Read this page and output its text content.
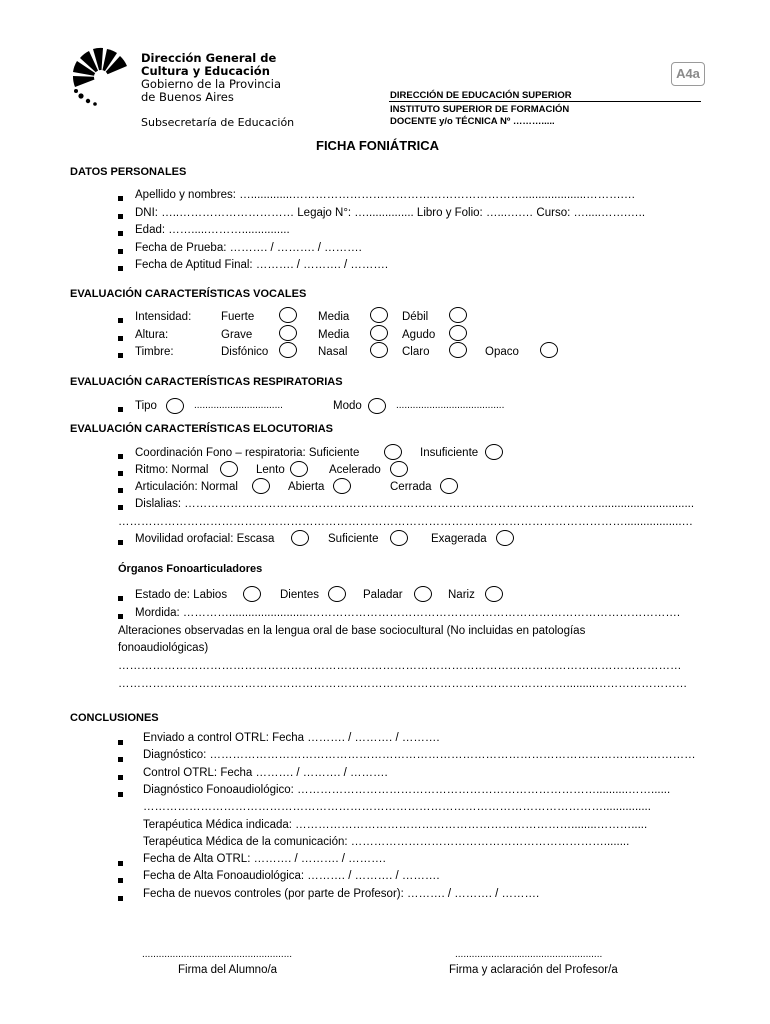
Dirección General de
Cultura y Educación
Gobierno de la Provincia
de Buenos Aires
Subsecretaría de Educación
A4a
DIRECCIÓN DE EDUCACIÓN SUPERIOR
INSTITUTO SUPERIOR DE FORMACIÓN
DOCENTE y/o TÉCNICA Nº ……….....
FICHA FONIÁTRICA
DATOS PERSONALES
Apellido y nombres: ….............……………………………………………………....................……….…
DNI: …..………………………… Legajo N°: …............... Libro y Folio: …...….… Curso: ….....…….…..
Edad: …….....………...............
Fecha de Prueba: ………. / ………. / ……….
Fecha de Aptitud Final: ………. / ………. / ……….
EVALUACIÓN CARACTERÍSTICAS VOCALES
Intensidad:	Fuerte	Media	Débil
Altura:	Grave	Media	Agudo
Timbre:	Disfónico	Nasal	Claro	Opaco
EVALUACIÓN CARACTERÍSTICAS RESPIRATORIAS
Tipo	................................	Modo	.......................................
EVALUACIÓN CARACTERÍSTICAS ELOCUTORIAS
Coordinación Fono – respiratoria: Suficiente	Insuficiente
Ritmo: Normal	Lento	Acelerado
Articulación: Normal	Abierta	Cerrada
Dislalias: ………………………………………………………………………………………………..............................
……………………………………………………………………………………………………………………..................…
Movilidad orofacial: Escasa	Suficiente	Exagerada
Órganos Fonoarticuladores
Estado de: Labios	Dientes	Paladar	Nariz
Mordida: ………….........................…………………………………………………………………………………….
Alteraciones observadas en la lengua oral de base sociocultural (No incluidas en patologías
fonoaudiológicas)
…………………………………………………………………………………………………………………………………
……………………………………………………………………………………………………….........……………………
CONCLUSIONES
Enviado a control OTRL: Fecha ………. / ………. / ……….
Diagnóstico: ………………………………………………………………………………………………….……………
Control OTRL: Fecha ………. / ………. / ……….
Diagnóstico Fonoaudiológico: ……………………………………………………………………..........……......
…………………………………………………………………………………………………………...............
Terapéutica Médica indicada: ………………………………………………………………........……….....
Terapéutica Médica de la comunicación: …………………………………………………………........
Fecha de Alta OTRL: ………. / ………. / ……….
Fecha de Alta Fonoaudiológica: ………. / ………. / ……….
Fecha de nuevos controles (por parte de Profesor): ………. / ………. / ……….
......................................................
Firma del Alumno/a
.....................................................
Firma y aclaración del Profesor/a
